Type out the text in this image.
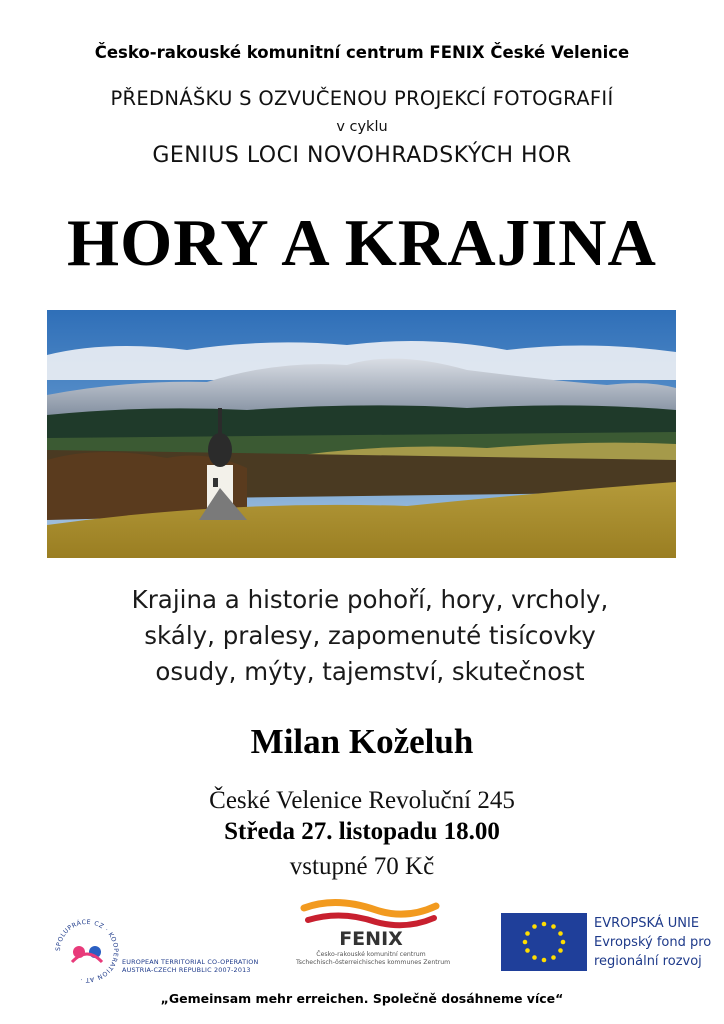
Česko-rakouské komunitní centrum FENIX České Velenice
PŘEDNÁŠKU S OZVUČENOU PROJEKCÍ FOTOGRAFIÍ
v cyklu
GENIUS LOCI NOVOHRADSKÝCH HOR
HORY A KRAJINA
Krajina a historie pohoří, hory, vrcholy,
skály, pralesy, zapomenuté tisícovky
osudy, mýty, tajemství, skutečnost
Milan Koželuh
České Velenice Revoluční 245
Středa 27. listopadu 18.00
vstupné 70 Kč
SPOLUPRÁCE CZ · KOOPERATION AT ·
EUROPEAN TERRITORIAL CO-OPERATION
AUSTRIA-CZECH REPUBLIC 2007-2013
FENIX
Česko-rakouské komunitní centrum
Tschechisch-österreichisches kommunes Zentrum
EVROPSKÁ UNIE
Evropský fond pro
regionální rozvoj
„Gemeinsam mehr erreichen. Společně dosáhneme více“
